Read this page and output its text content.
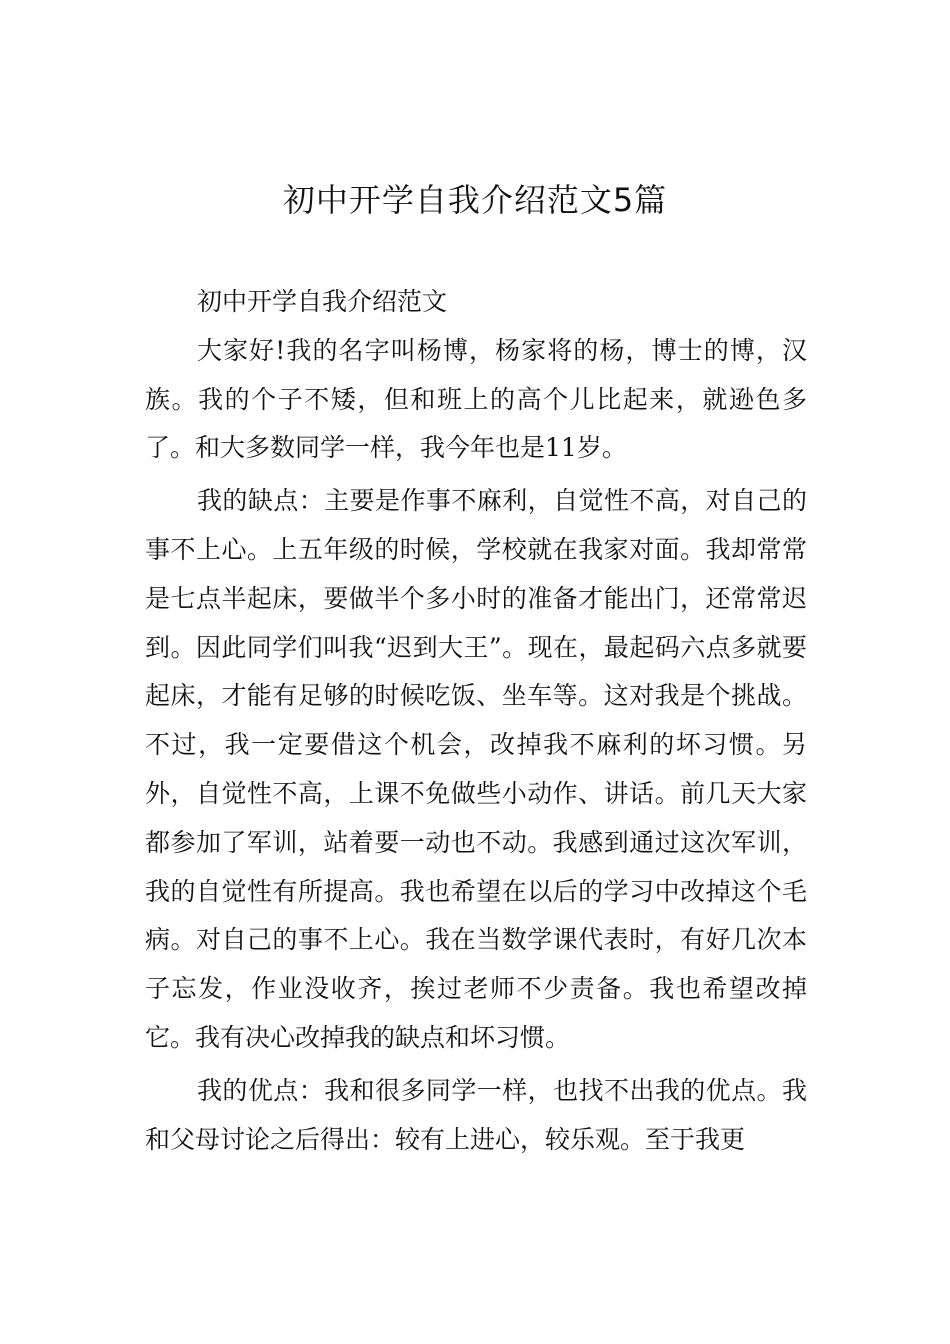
初中开学自我介绍范文5篇

初中开学自我介绍范文

大家好!我的名字叫杨博，杨家将的杨，博士的博，汉族。我的个子不矮，但和班上的高个儿比起来，就逊色多了。和大多数同学一样，我今年也是11岁。

我的缺点：主要是作事不麻利，自觉性不高，对自己的事不上心。上五年级的时候，学校就在我家对面。我却常常是七点半起床，要做半个多小时的准备才能出门，还常常迟到。因此同学们叫我“迟到大王”。现在，最起码六点多就要起床，才能有足够的时候吃饭、坐车等。这对我是个挑战。不过，我一定要借这个机会，改掉我不麻利的坏习惯。另外，自觉性不高，上课不免做些小动作、讲话。前几天大家都参加了军训，站着要一动也不动。我感到通过这次军训，我的自觉性有所提高。我也希望在以后的学习中改掉这个毛病。对自己的事不上心。我在当数学课代表时，有好几次本子忘发，作业没收齐，挨过老师不少责备。我也希望改掉它。我有决心改掉我的缺点和坏习惯。

我的优点：我和很多同学一样，也找不出我的优点。我和父母讨论之后得出：较有上进心，较乐观。至于我更
